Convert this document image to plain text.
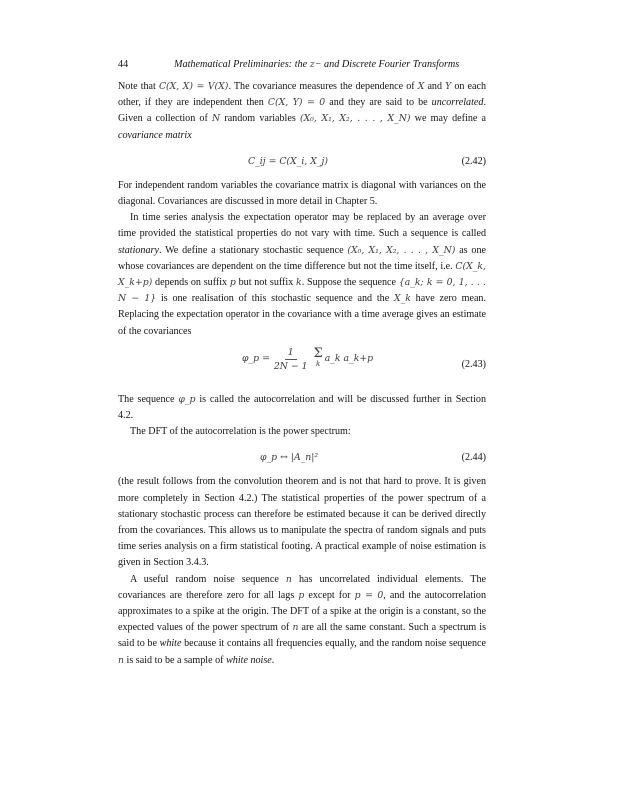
44	Mathematical Preliminaries: the z− and Discrete Fourier Transforms

Note that C(X, X) = V(X). The covariance measures the dependence of X and Y on each other, if they are independent then C(X, Y) = 0 and they are said to be uncorrelated. Given a collection of N random variables (X₀, X₁, X₂, . . . , X_N) we may define a covariance matrix

C_ij = C(X_i, X_j)	(2.42)

For independent random variables the covariance matrix is diagonal with variances on the diagonal. Covariances are discussed in more detail in Chapter 5.

In time series analysis the expectation operator may be replaced by an average over time provided the statistical properties do not vary with time. Such a sequence is called stationary. We define a stationary stochastic sequence (X₀, X₁, X₂, . . . , X_N) as one whose covariances are dependent on the time difference but not the time itself, i.e. C(X_k, X_k+p) depends on suffix p but not suffix k. Suppose the sequence {a_k; k = 0, 1, . . . N − 1} is one realisation of this stochastic sequence and the X_k have zero mean. Replacing the expectation operator in the covariance with a time average gives an estimate of the covariances

φ_p = $\frac{1}{2N - 1}$ Σ
k
a_k a_k+p
(2.43)

The sequence φ_p is called the autocorrelation and will be discussed further in Section 4.2.

The DFT of the autocorrelation is the power spectrum:

φ_p ↔ |A_n|²	(2.44)

(the result follows from the convolution theorem and is not that hard to prove. It is given more completely in Section 4.2.) The statistical properties of the power spectrum of a stationary stochastic process can therefore be estimated because it can be derived directly from the covariances. This allows us to manipulate the spectra of random signals and puts time series analysis on a firm statistical footing. A practical example of noise estimation is given in Section 3.4.3.

A useful random noise sequence n has uncorrelated individual elements. The covariances are therefore zero for all lags p except for p = 0, and the autocorrelation approximates to a spike at the origin. The DFT of a spike at the origin is a constant, so the expected values of the power spectrum of n are all the same constant. Such a spectrum is said to be white because it contains all frequencies equally, and the random noise sequence n is said to be a sample of white noise.
